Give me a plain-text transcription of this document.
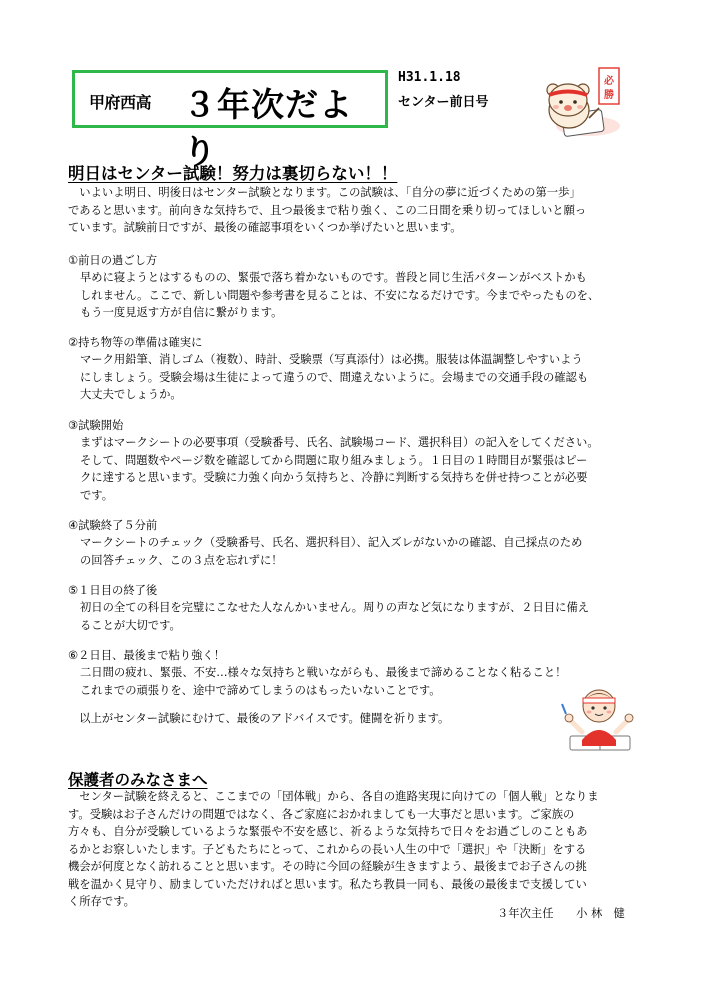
甲府西高 ３年次だより
H31.1.18
センター前日号
必
勝
明日はセンター試験！努力は裏切らない！！
　いよいよ明日、明後日はセンター試験となります。この試験は、「自分の夢に近づくための第一歩」
であると思います。前向きな気持ちで、且つ最後まで粘り強く、この二日間を乗り切ってほしいと願っ
ています。試験前日ですが、最後の確認事項をいくつか挙げたいと思います。
①前日の過ごし方
早めに寝ようとはするものの、緊張で落ち着かないものです。普段と同じ生活パターンがベストかも
しれません。ここで、新しい問題や参考書を見ることは、不安になるだけです。今までやったものを、
もう一度見返す方が自信に繋がります。
②持ち物等の準備は確実に
マーク用鉛筆、消しゴム（複数）、時計、受験票（写真添付）は必携。服装は体温調整しやすいよう
にしましょう。受験会場は生徒によって違うので、間違えないように。会場までの交通手段の確認も
大丈夫でしょうか。
③試験開始
まずはマークシートの必要事項（受験番号、氏名、試験場コード、選択科目）の記入をしてください。
そして、問題数やページ数を確認してから問題に取り組みましょう。１日目の１時間目が緊張はピー
クに達すると思います。受験に力強く向かう気持ちと、冷静に判断する気持ちを併せ持つことが必要
です。
④試験終了５分前
マークシートのチェック（受験番号、氏名、選択科目）、記入ズレがないかの確認、自己採点のため
の回答チェック、この３点を忘れずに！
⑤１日目の終了後
初日の全ての科目を完璧にこなせた人なんかいません。周りの声など気になりますが、２日目に備え
ることが大切です。
⑥２日目、最後まで粘り強く！
二日間の疲れ、緊張、不安…様々な気持ちと戦いながらも、最後まで諦めることなく粘ること！
これまでの頑張りを、途中で諦めてしまうのはもったいないことです。
　以上がセンター試験にむけて、最後のアドバイスです。健闘を祈ります。
保護者のみなさまへ
　センター試験を終えると、ここまでの「団体戦」から、各自の進路実現に向けての「個人戦」となりま
す。受験はお子さんだけの問題ではなく、各ご家庭におかれましても一大事だと思います。ご家族の
方々も、自分が受験しているような緊張や不安を感じ、祈るような気持ちで日々をお過ごしのこともあ
るかとお察しいたします。子どもたちにとって、これからの長い人生の中で「選択」や「決断」をする
機会が何度となく訪れることと思います。その時に今回の経験が生きますよう、最後までお子さんの挑
戦を温かく見守り、励ましていただければと思います。私たち教員一同も、最後の最後まで支援してい
く所存です。
３年次主任　　小 林　健
